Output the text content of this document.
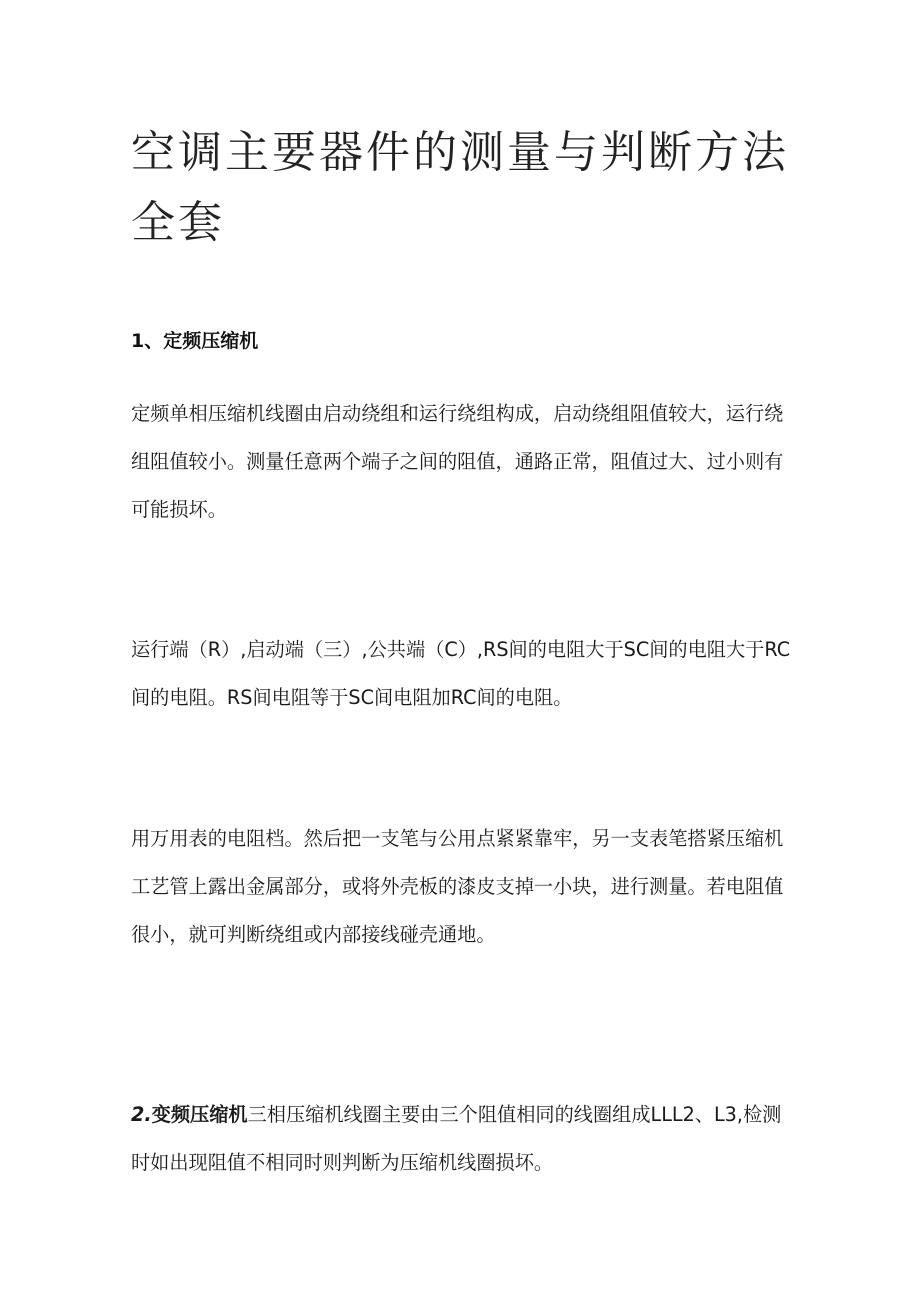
空调主要器件的测量与判断方法全套
1、定频压缩机

定频单相压缩机线圈由启动绕组和运行绕组构成，启动绕组阻值较大，运行绕组阻值较小。测量任意两个端子之间的阻值，通路正常，阻值过大、过小则有可能损坏。

运行端（R）,启动端（三）,公共端（C）,RS间的电阻大于SC间的电阻大于RC间的电阻。RS间电阻等于SC间电阻加RC间的电阻。

用万用表的电阻档。然后把一支笔与公用点紧紧靠牢，另一支表笔搭紧压缩机工艺管上露出金属部分，或将外壳板的漆皮支掉一小块，进行测量。若电阻值很小，就可判断绕组或内部接线碰壳通地。

2.变频压缩机三相压缩机线圈主要由三个阻值相同的线圈组成LLL2、L3,检测时如出现阻值不相同时则判断为压缩机线圈损坏。
